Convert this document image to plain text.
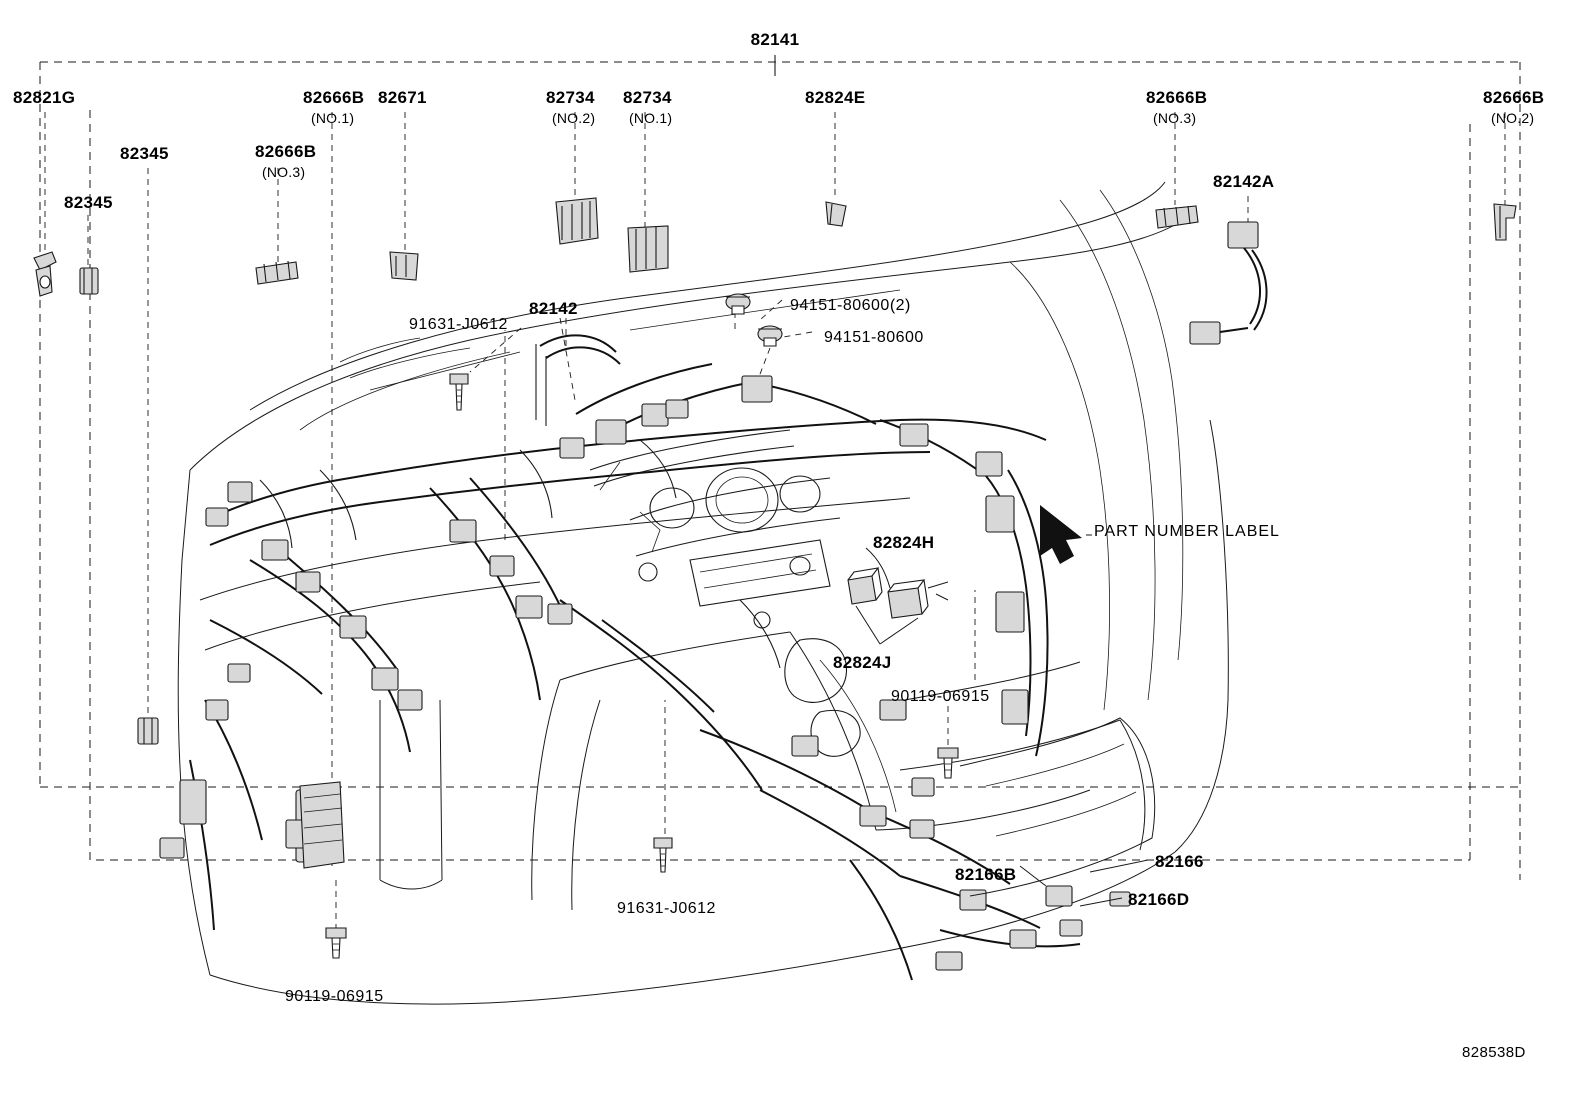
82141
82821G
82345
82345
82666B
(NO.3)
82666B
(NO.1)
82671	82734
(NO.2)
82734
(NO.1)
82824E	82666B
(NO.3)
82666B
(NO.2)
82142A
82142
82824H
82824J
82166B
82166
82166D
91631-J0612
91631-J0612
90119-06915
90119-06915
94151-80600(2)
94151-80600
PART NUMBER LABEL
828538D
